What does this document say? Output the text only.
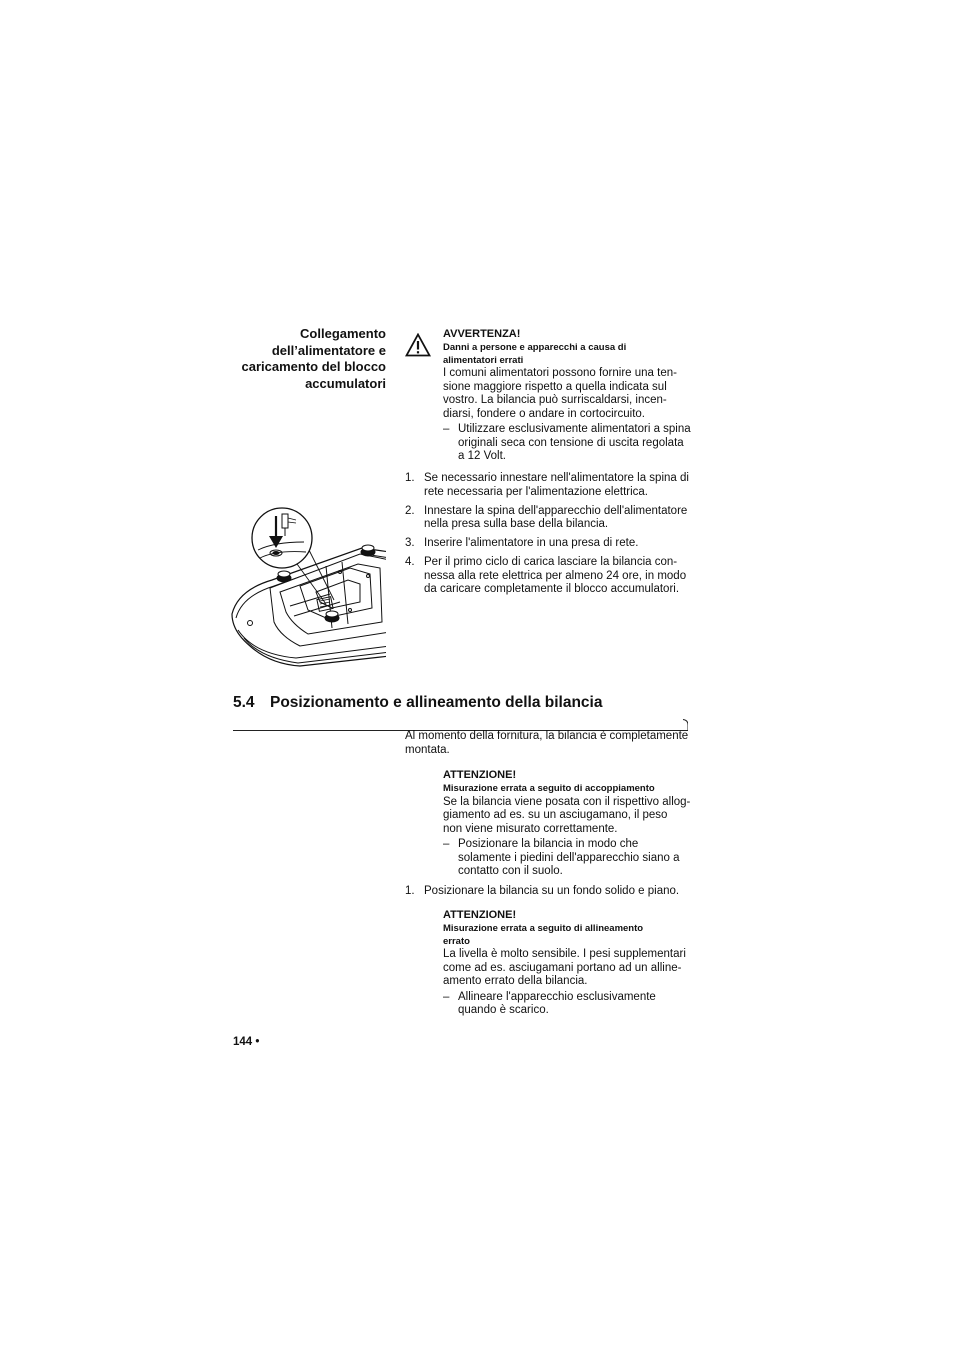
Collegamento
dell’alimentatore e
caricamento del blocco
accumulatori
AVVERTENZA!
Danni a persone e apparecchi a causa di
alimentatori errati
I comuni alimentatori possono fornire una ten-
sione maggiore rispetto a quella indicata sul
vostro. La bilancia può surriscaldarsi, incen-
diarsi, fondere o andare in cortocircuito.
– Utilizzare esclusivamente alimentatori a spina
originali seca con tensione di uscita regolata
a 12 Volt.
1. Se necessario innestare nell'alimentatore la spina di
rete necessaria per l'alimentazione elettrica.
2. Innestare la spina dell'apparecchio dell'alimentatore
nella presa sulla base della bilancia.
3. Inserire l'alimentatore in una presa di rete.
4. Per il primo ciclo di carica lasciare la bilancia con-
nessa alla rete elettrica per almeno 24 ore, in modo
da caricare completamente il blocco accumulatori.
5.4 Posizionamento e allineamento della bilancia
Al momento della fornitura, la bilancia è completamente
montata.
ATTENZIONE!
Misurazione errata a seguito di accoppiamento
Se la bilancia viene posata con il rispettivo allog-
giamento ad es. su un asciugamano, il peso
non viene misurato correttamente.
– Posizionare la bilancia in modo che
solamente i piedini dell'apparecchio siano a
contatto con il suolo.
1. Posizionare la bilancia su un fondo solido e piano.
ATTENZIONE!
Misurazione errata a seguito di allineamento
errato
La livella è molto sensibile. I pesi supplementari
come ad es. asciugamani portano ad un alline-
amento errato della bilancia.
– Allineare l'apparecchio esclusivamente
quando è scarico.
144 •
